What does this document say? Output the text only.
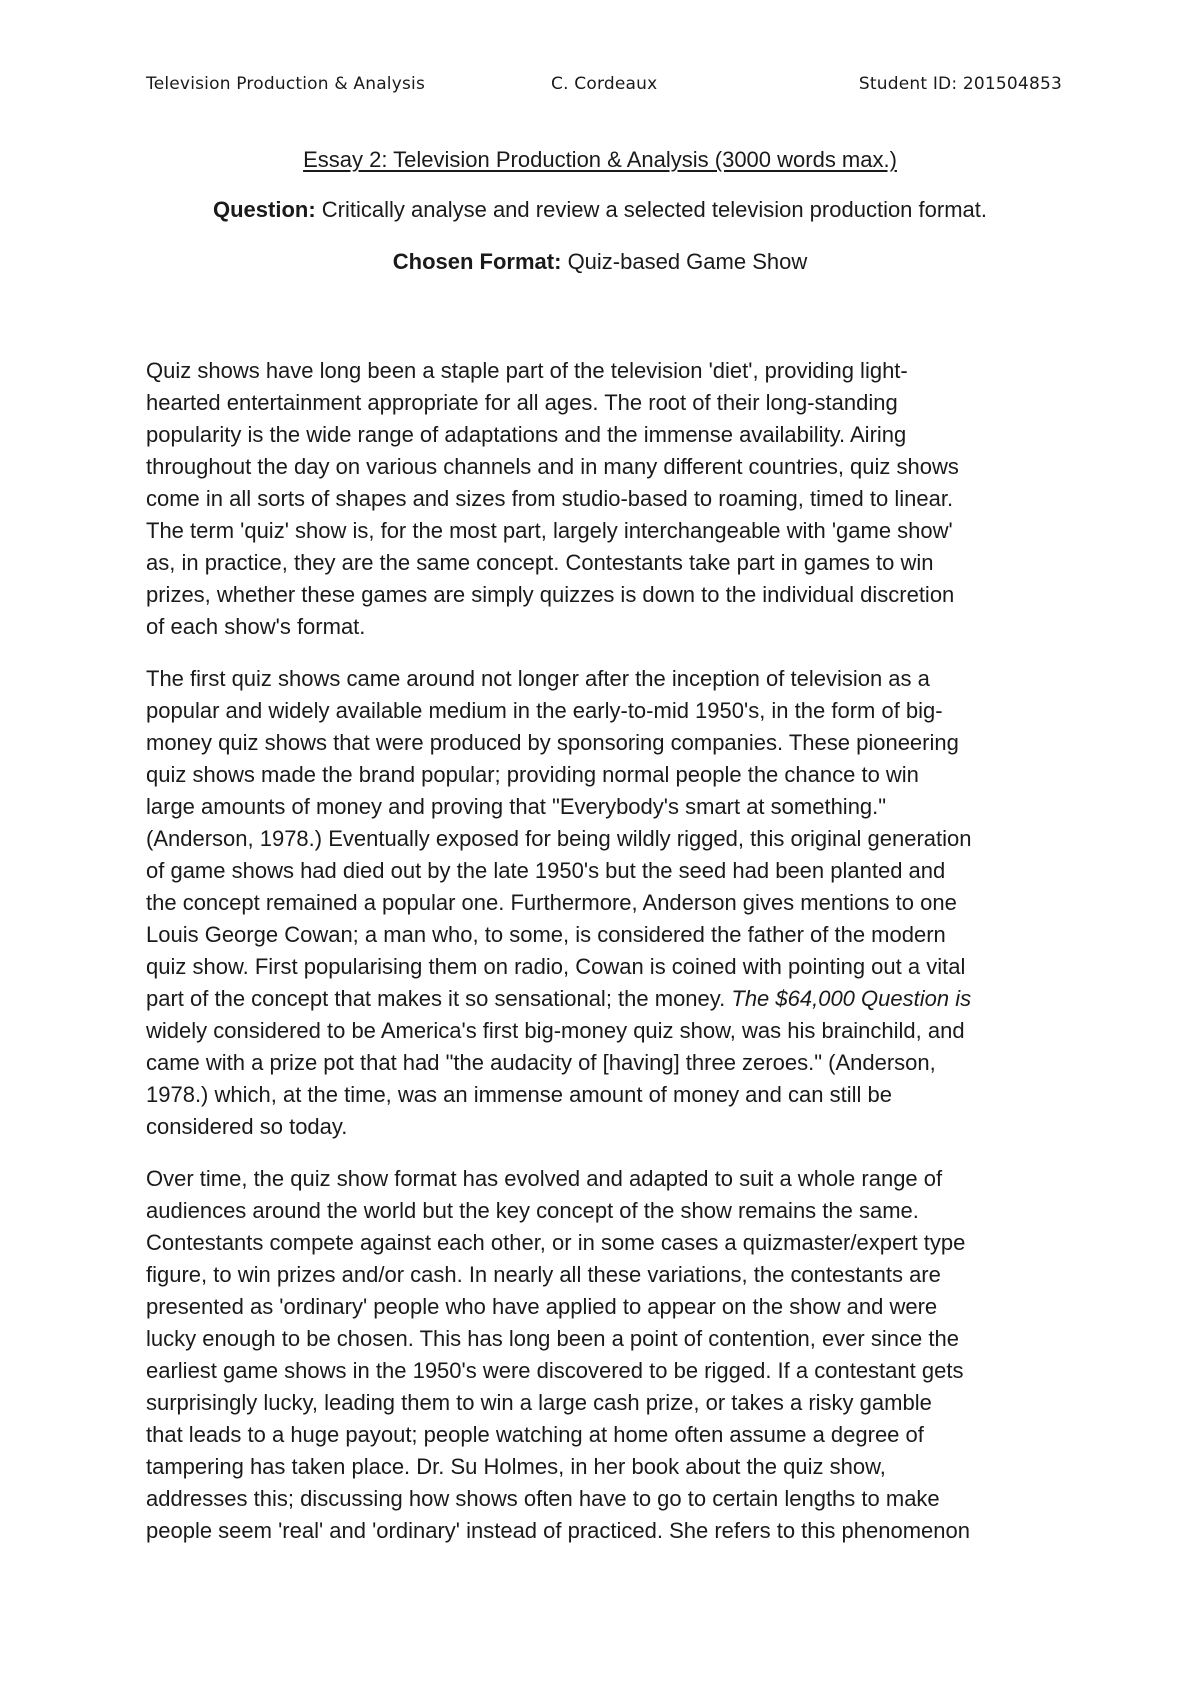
Television Production & Analysis	C. Cordeaux	Student ID: 201504853

Essay 2: Television Production & Analysis (3000 words max.)

Question: Critically analyse and review a selected television production format.

Chosen Format: Quiz-based Game Show

Quiz shows have long been a staple part of the television 'diet', providing light-
hearted entertainment appropriate for all ages. The root of their long-standing
popularity is the wide range of adaptations and the immense availability. Airing
throughout the day on various channels and in many different countries, quiz shows
come in all sorts of shapes and sizes from studio-based to roaming, timed to linear.
The term 'quiz' show is, for the most part, largely interchangeable with 'game show'
as, in practice, they are the same concept. Contestants take part in games to win
prizes, whether these games are simply quizzes is down to the individual discretion
of each show's format.

The first quiz shows came around not longer after the inception of television as a
popular and widely available medium in the early-to-mid 1950's, in the form of big-
money quiz shows that were produced by sponsoring companies. These pioneering
quiz shows made the brand popular; providing normal people the chance to win
large amounts of money and proving that "Everybody's smart at something."
(Anderson, 1978.) Eventually exposed for being wildly rigged, this original generation
of game shows had died out by the late 1950's but the seed had been planted and
the concept remained a popular one. Furthermore, Anderson gives mentions to one
Louis George Cowan; a man who, to some, is considered the father of the modern
quiz show. First popularising them on radio, Cowan is coined with pointing out a vital
part of the concept that makes it so sensational; the money. The $64,000 Question is
widely considered to be America's first big-money quiz show, was his brainchild, and
came with a prize pot that had "the audacity of [having] three zeroes." (Anderson,
1978.) which, at the time, was an immense amount of money and can still be
considered so today.

Over time, the quiz show format has evolved and adapted to suit a whole range of
audiences around the world but the key concept of the show remains the same.
Contestants compete against each other, or in some cases a quizmaster/expert type
figure, to win prizes and/or cash. In nearly all these variations, the contestants are
presented as 'ordinary' people who have applied to appear on the show and were
lucky enough to be chosen. This has long been a point of contention, ever since the
earliest game shows in the 1950's were discovered to be rigged. If a contestant gets
surprisingly lucky, leading them to win a large cash prize, or takes a risky gamble
that leads to a huge payout; people watching at home often assume a degree of
tampering has taken place. Dr. Su Holmes, in her book about the quiz show,
addresses this; discussing how shows often have to go to certain lengths to make
people seem 'real' and 'ordinary' instead of practiced. She refers to this phenomenon
